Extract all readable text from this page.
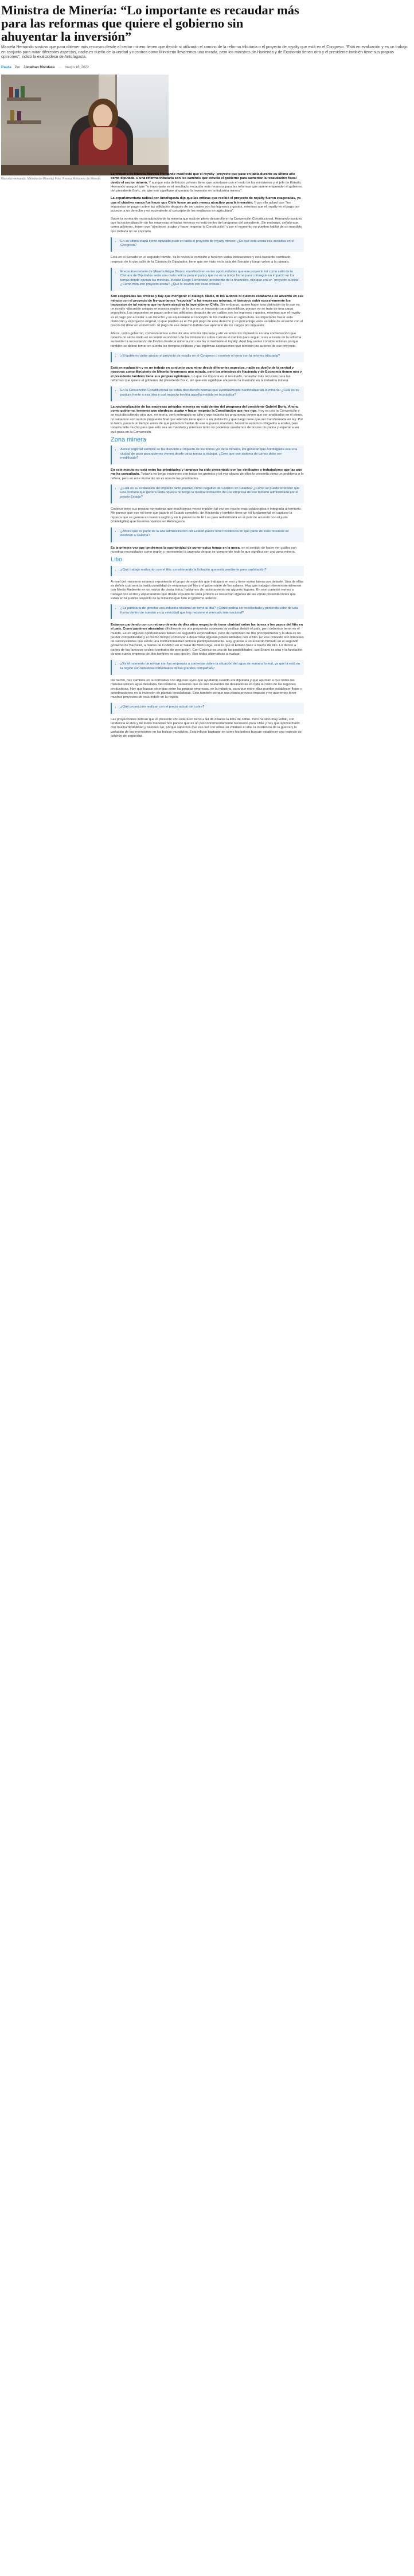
Ministra de Minería: “Lo importante es recaudar más
para las reformas que quiere el gobierno sin
ahuyentar la inversión”

Marcela Hernando sostuvo que para obtener más recursos desde el sector minero tienen que decidir si utilizarán el camino de la reforma tributaria o el proyecto de royalty que está en el Congreso. “Está en evaluación y es un trabajo en conjunto para mirar diferentes aspectos, nadie es dueño de la verdad y nosotros como Ministerio llevaremos una mirada, pero los ministros de Hacienda y de Economía tienen otra y el presidente también tiene sus propias opiniones”, indicó la exalcaldesa de Antofagasta.

Pauta Por Jonathan Mondaca — marzo 16, 2022
Marcela Hernando, Ministra de Minería | Foto: Prensa Ministerio de Minería

La ministra de Minería Marcela Hernando manifestó que el royalty -proyecto que pase en tabla durante su último año como diputada- u una reforma tributaria son los caminos que estudia el gobierno para aumentar la recaudación fiscal desde el sector minero. Y aunque esta definición primero tiene que acordarse con el resto de los ministerios y el jefe de Estado, Hernando aseguró que “lo importante es el resultado, recaudar más recursos para las reformas que quiere emprender el gobierno del presidente Boric, sin que eso signifique ahuyentar la inversión en la industria minera”.

La exparlamentaria radical por Antofagasta dijo que las críticas que recibió el proyecto de royalty fueron exageradas, ya que el objetivo nunca fue hacer que Chile fuese un país menos atractivo para la inversión. Y por ello aclaró que “los impuestos se pagan sobre las utilidades después de ser cuales son los ingresos y gastos, mientras que el royalty es el pago por acceder a un derecho y es equivalente al concepto de los medianos en agricultura”.

Sobre la norma de nacionalización de la minería que está en pleno desarrollo en la Convención Constitucional, Hernando sostuvo que la nacionalización de las empresas privadas mineras no está dentro del programa del presidente. Sin embargo, señaló que, como gobierno, tienen que “obedecer, acatar y hacer respetar la Constitución” y por el momento no pueden hablar de un mandato que todavía no se concreta.

• En su última etapa como diputada puso en tabla el proyecto de royalty minero: ¿Es qué está ahora esa iniciativa en el Congreso?

Está en el Senado en el segundo trámite. Ya lo revisó la comisión e hicieron varias indicaciones y está bastante cambiado respecto de lo que salió de la Cámara de Diputados; tiene que ser visto en la sala del Senado y luego volver a la cámara.

• El exsubsecretario de Minería Edgar Blanco manifestó en varias oportunidades que ese proyecto tal como salió de la Cámara de Diputados sería una mala noticia para el país y que no es la única forma para conseguir un impacto en los temas donde operan las mineras. Incluso Diego Fernández, presidente de la financiera, dijo que era un “proyecto suicida”. ¿Cómo mira ese proyecto ahora? ¿Qué le ocurrió con esas críticas?

Son exageradas las críticas y hay que morigerar el diálogo. Nadie, ni los autores ni quienes estábamos de acuerdo en ese minuto con el proyecto de ley queríamos “expulsar” a las empresas mineras, ni tampoco subir excesivamente los impuestos de tal manera que no fuera atractiva la inversión en Chile. Sin embargo, quiero hacer una distinción de lo que es un royalty -discusión antigua en nuestra región- de lo que es un impuesto para desmitificar, porque no se trata de una carga impositiva. Los impuestos se pagan sobre las utilidades después de ver cuáles son los ingresos y gastos, mientras que el royalty es el pago por acceder a un derecho y es equivalente al concepto de los medianos en agricultura. Es importante hacer esta distinción y el proyecto original, lo que planteó es el 3% por pago de este derecho y un porcentaje varía variable de acuerdo con el precio del dólar en el mercado. El pago de ese derecho habría que aportarlo de los cargos por impuesto.

Ahora, como gobierno, comenzaremos a discutir una reforma tributaria y ahí veremos los impuestos en una conversación que todavía no se ha dado en el comité económico de los ministerios sobre cuál es el camino para seguir, si es a través de la reforma aumentar la recaudación de fondos desde la minería con una ley o mediante el royalty. Aquí hay varias consideraciones porque también se deben tomar en cuenta los tiempos políticos y las legítimas aspiraciones que también los autores de ese proyecto.

• ¿El gobierno debe apoyar el proyecto de royalty en el Congreso o resolver el tema con la reforma tributaria?

Está en evaluación y es un trabajo en conjunto para mirar desde diferentes aspectos, nadie es dueño de la verdad y nosotros como Ministerio de Minería llevaremos una mirada, pero los ministros de Hacienda y de Economía tienen otra y el presidente también tiene sus propias opiniones. Lo que me importa es el resultado, recaudar más recursos para las reformas que quiere el gobierno del presidente Boric, sin que eso signifique ahuyentar la inversión en la industria minera.

• En la Convención Constitucional se están discutiendo normas que eventualmente nacionalizarían la minería: ¿Cuál es su postura frente a esa idea y qué impacto tendría aquella medida en la práctica?

La nacionalización de las empresas privadas mineras no está dentro del programa del presidente Gabriel Boric. Ahora, como gobierno, tenemos que obedecer, acatar y hacer respetar la Constitución que nos rige. Hoy es una la Convención y se está discutiendo otra que, en teoría, será entregada en julio y que todavía los programas tienen que ser analizados en el pleno, no sabemos aún será la propuesta final que además tiene que ir a un plebiscito y que luego tiene que ser transformada en ley. Por lo tanto, pasará un tiempo antes de que podamos hablar de ese supuesto mandato. Nosotros estamos obligados a acatar, pero todavía falta mucho para que esto sea un mandato y mientras tanto no podemos quedarnos de brazos cruzados y esperar a ver qué pasa en la Convención.

Zona minera
• A nivel regional siempre se ha discutido el impacto de los tomos y/o de la minería, los generan que Antofagasta sea una ciudad de paso para quienes vienen desde otras tomas a trabajar. ¿Cree que ese sistema de turnos debe ser modificado?

En este minuto no está entre las prioridades y tampoco ha sido presentado por los sindicatos o trabajadores que las que me ha consultado. Todavía no tengo reuniones con todos los gremios y tal vez alguno de ellos lo presenta como un problema o lo refiera, pero en este momento no es una de las prioridades.

• ¿Cuál es su evaluación del impacto tanto positivo como negativo de Codelco en Calama? ¿Cómo se puede entender que una comuna que genera tanta riqueza no tenga la misma retribución de una empresa de ese tamaño administrada por el propio Estado?

Codelco tiene sus propias normativas que muchísimas veces impiden tal vez ser mucho más colaborativa e integrada al territorio. Me parece que ese rol tiene que jugarlo el Estado completo, de Hacienda y también tiene un rol fundamental en capturar la riqueza que se genera en nuestra región y en la provincia de El Loa para redistribuirla en el país de acuerdo con el justo (ininteligible) que tenemos vivimos en Antofagasta.

• ¿Ahora que es parte de la alta administración del Estado puede tener incidencia en que parte de esos recursos se destinen a Calama?

Es la primera vez que tendremos la oportunidad de poner estos temas en la mesa, en el sentido de hacer ver cuáles son nuestras necesidades como región y representar la urgencia de que se comprende todo lo que significa ser una zona minera.

Litio
• ¿Qué trabajo realizarán con el litio, considerando la licitación que está pendiente para explotación?

A nivel del ministerio estamos reponiendo el grupo de expertos que trabajará en eso y tiene varias tareas por delante. Una de ellas es definir cuál será la institucionalidad de empresas del litio y el gobernante de los salares. Hay que trabajar interministerialmente con Medio Ambiente en un marco de cierta íntica, hablamos de racionamiento en algunos lugares. En ese contexto vamos a trabajar con el litio y esperaremos que desde el punto de vista jurídico se resuelvan algunas de las varias presentaciones que están en la justicia respecto de la licitación que hizo el gobierno anterior.

• ¿Es partidaria de generar una industria nacional en torno al litio? ¿Cómo podría ser recolectada y poniendo valor de una forma dentro de nuestro en la velocidad que hoy requiere el mercado internacional?

Estamos partiendo con un retraso de más de diez años respecto de tener claridad sobre las tareas y los pasos del litio en el país. Como partimos atrasados dificilmente es una propuesta soberana de realizar desde el país, pero debemos tener en el mundo. Es en algunas oportunidades tienen los segundos exportadores, pero de carbonato de litio principalmente y la idea es no perder competitividad y el mismo tiempo comenzar a desarrollar algunas potencialidades con el litio. En ese contexto son intereses de sobrevivientes que existe una institucionalidad definida participativamente. Hoy, gracias a un acuerdo firmado en el segundo gobierno de Bachelet, a manos de Codelco en el Salar de Maricunga, está lo que el Estado hace a través del litio. Lo dentro a partes de los famosos cecles (contratos de operación). Con Codelco es una de las posibilidades, con Enami es otra y la fundación de una nueva empresa del litio también es una opción. Son todas alternativas a evaluar.

• ¿Es el momento de revisar con las empresas a conversar sobre la situación del agua de manera formal, ya que la está en la región son industrias individuales de las grandes compañías?

De hecho, hay cambios en la normativa con algunas leyes que ayudaron cuando era diputada y que apuntan a que todas las mineras utilicen agua desalada. No obstante, sabemos que es aún bastantes de desaladoras en toda la costa de las regiones productoras. Hay que buscar sinergias entre las propias empresas, en la industria, para que entre ellas puedan establecer flujos y coordinaciones en la inversión de plantas desaladoras. Esto también porque una planta provoca impacto y no queremos tener muchos proyectos de esta índole en la región.

• ¿Qué proyección realizan con el precio actual del cobre?

Las proyecciones indican que el presente año estará en torno a $4 de dólares la libra de cobre. Pero ha sido muy volátil, con tendencia al alza y de todas maneras nos parece que es un precio tremendamente necesario para Chile y hay que aprovecharlo con mucha flexibilidad y batones ojo, porque sabemos que eso ser con obras su volatiles el alta. la incidencia de la guerra y la variación de los inversiones en las bolsas mundiales. Esto influye bastante en cómo los países buscan establecer una especie de colchón de seguridad.
